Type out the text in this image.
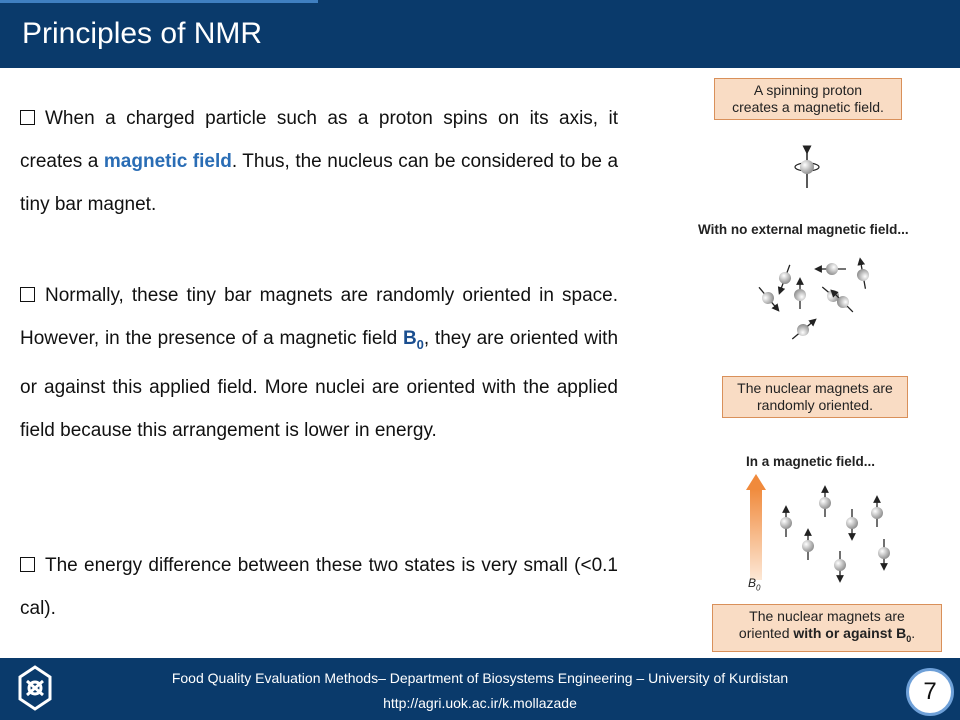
Principles of NMR
When a charged particle such as a proton spins on its axis, it creates a magnetic field. Thus, the nucleus can be considered to be a tiny bar magnet.
Normally, these tiny bar magnets are randomly oriented in space. However, in the presence of a magnetic field $B_0$, they are oriented with or against this applied field. More nuclei are oriented with the applied field because this arrangement is lower in energy.
The energy difference between these two states is very small (<0.1 cal).
A spinning proton
creates a magnetic field.
With no external magnetic field...
The nuclear magnets are
randomly oriented.
In a magnetic field...
$B_0$
The nuclear magnets are
oriented with or against $B_0$.
Food Quality Evaluation Methods– Department of Biosystems Engineering – University of Kurdistan
http://agri.uok.ac.ir/k.mollazade	7
